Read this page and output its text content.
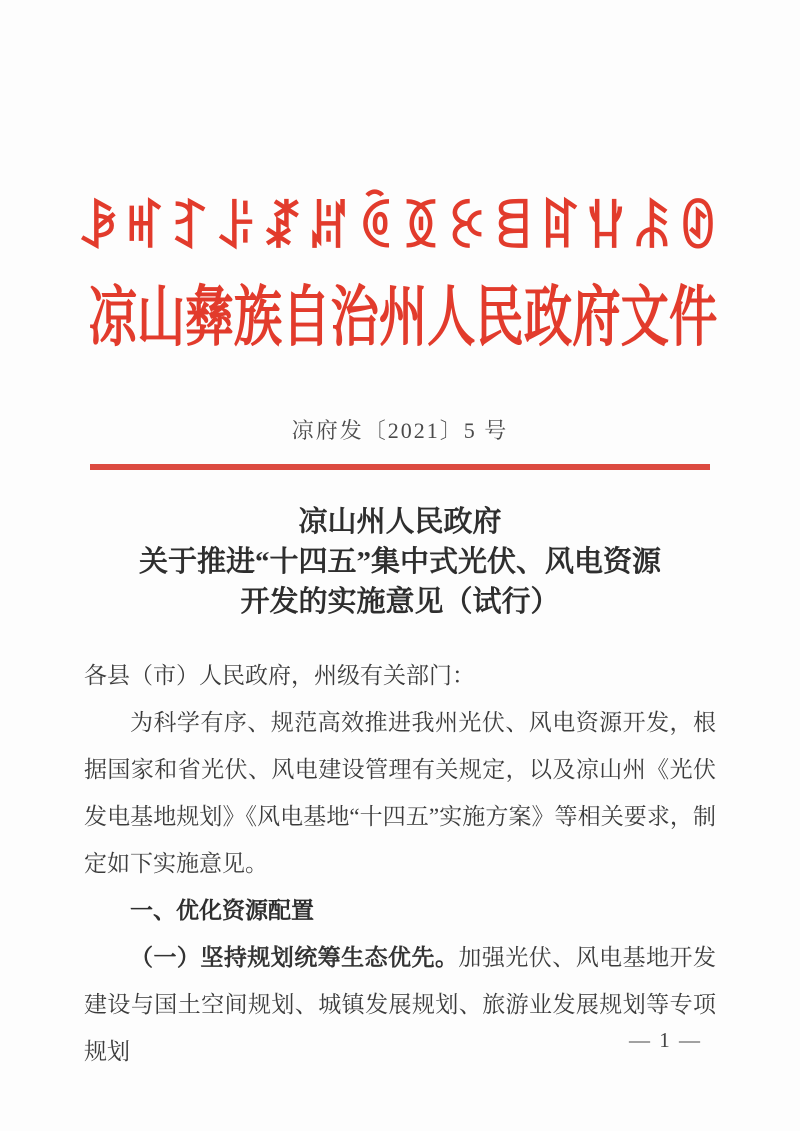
ꆃꎭꆈꌠꊨꏦꏱꅉꉹꁌꍏꃚꄯꊸ
凉山彝族自治州人民政府文件
凉府发〔2021〕5 号
凉山州人民政府
关于推进“十四五”集中式光伏、风电资源
开发的实施意见（试行）

各县（市）人民政府，州级有关部门：

为科学有序、规范高效推进我州光伏、风电资源开发，根据国家和省光伏、风电建设管理有关规定，以及凉山州《光伏发电基地规划》《风电基地“十四五”实施方案》等相关要求，制定如下实施意见。

一、优化资源配置

（一）坚持规划统筹生态优先。加强光伏、风电基地开发建设与国土空间规划、城镇发展规划、旅游业发展规划等专项规划	— 1 —
